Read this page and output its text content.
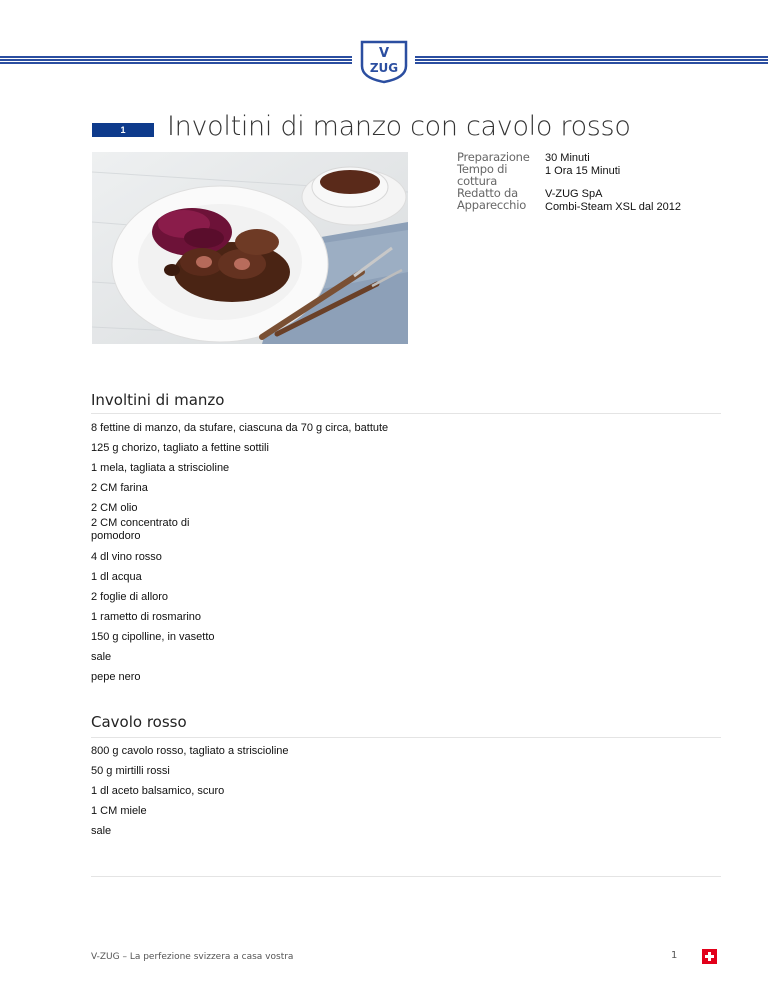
V
ZUG
1	Involtini di manzo con cavolo rosso
Preparazione
Tempo di
cottura
Redatto da
Apparecchio
30 Minuti
1 Ora 15 Minuti
V-ZUG SpA
Combi-Steam XSL dal 2012
Involtini di manzo
8 fettine di manzo, da stufare, ciascuna da 70 g circa, battute
125 g chorizo, tagliato a fettine sottili
1 mela, tagliata a striscioline
2 CM farina
2 CM olio
2 CM concentrato di
pomodoro
4 dl vino rosso
1 dl acqua
2 foglie di alloro
1 rametto di rosmarino
150 g cipolline, in vasetto
sale
pepe nero
Cavolo rosso
800 g cavolo rosso, tagliato a striscioline
50 g mirtilli rossi
1 dl aceto balsamico, scuro
1 CM miele
sale
V-ZUG – La perfezione svizzera a casa vostra	1
